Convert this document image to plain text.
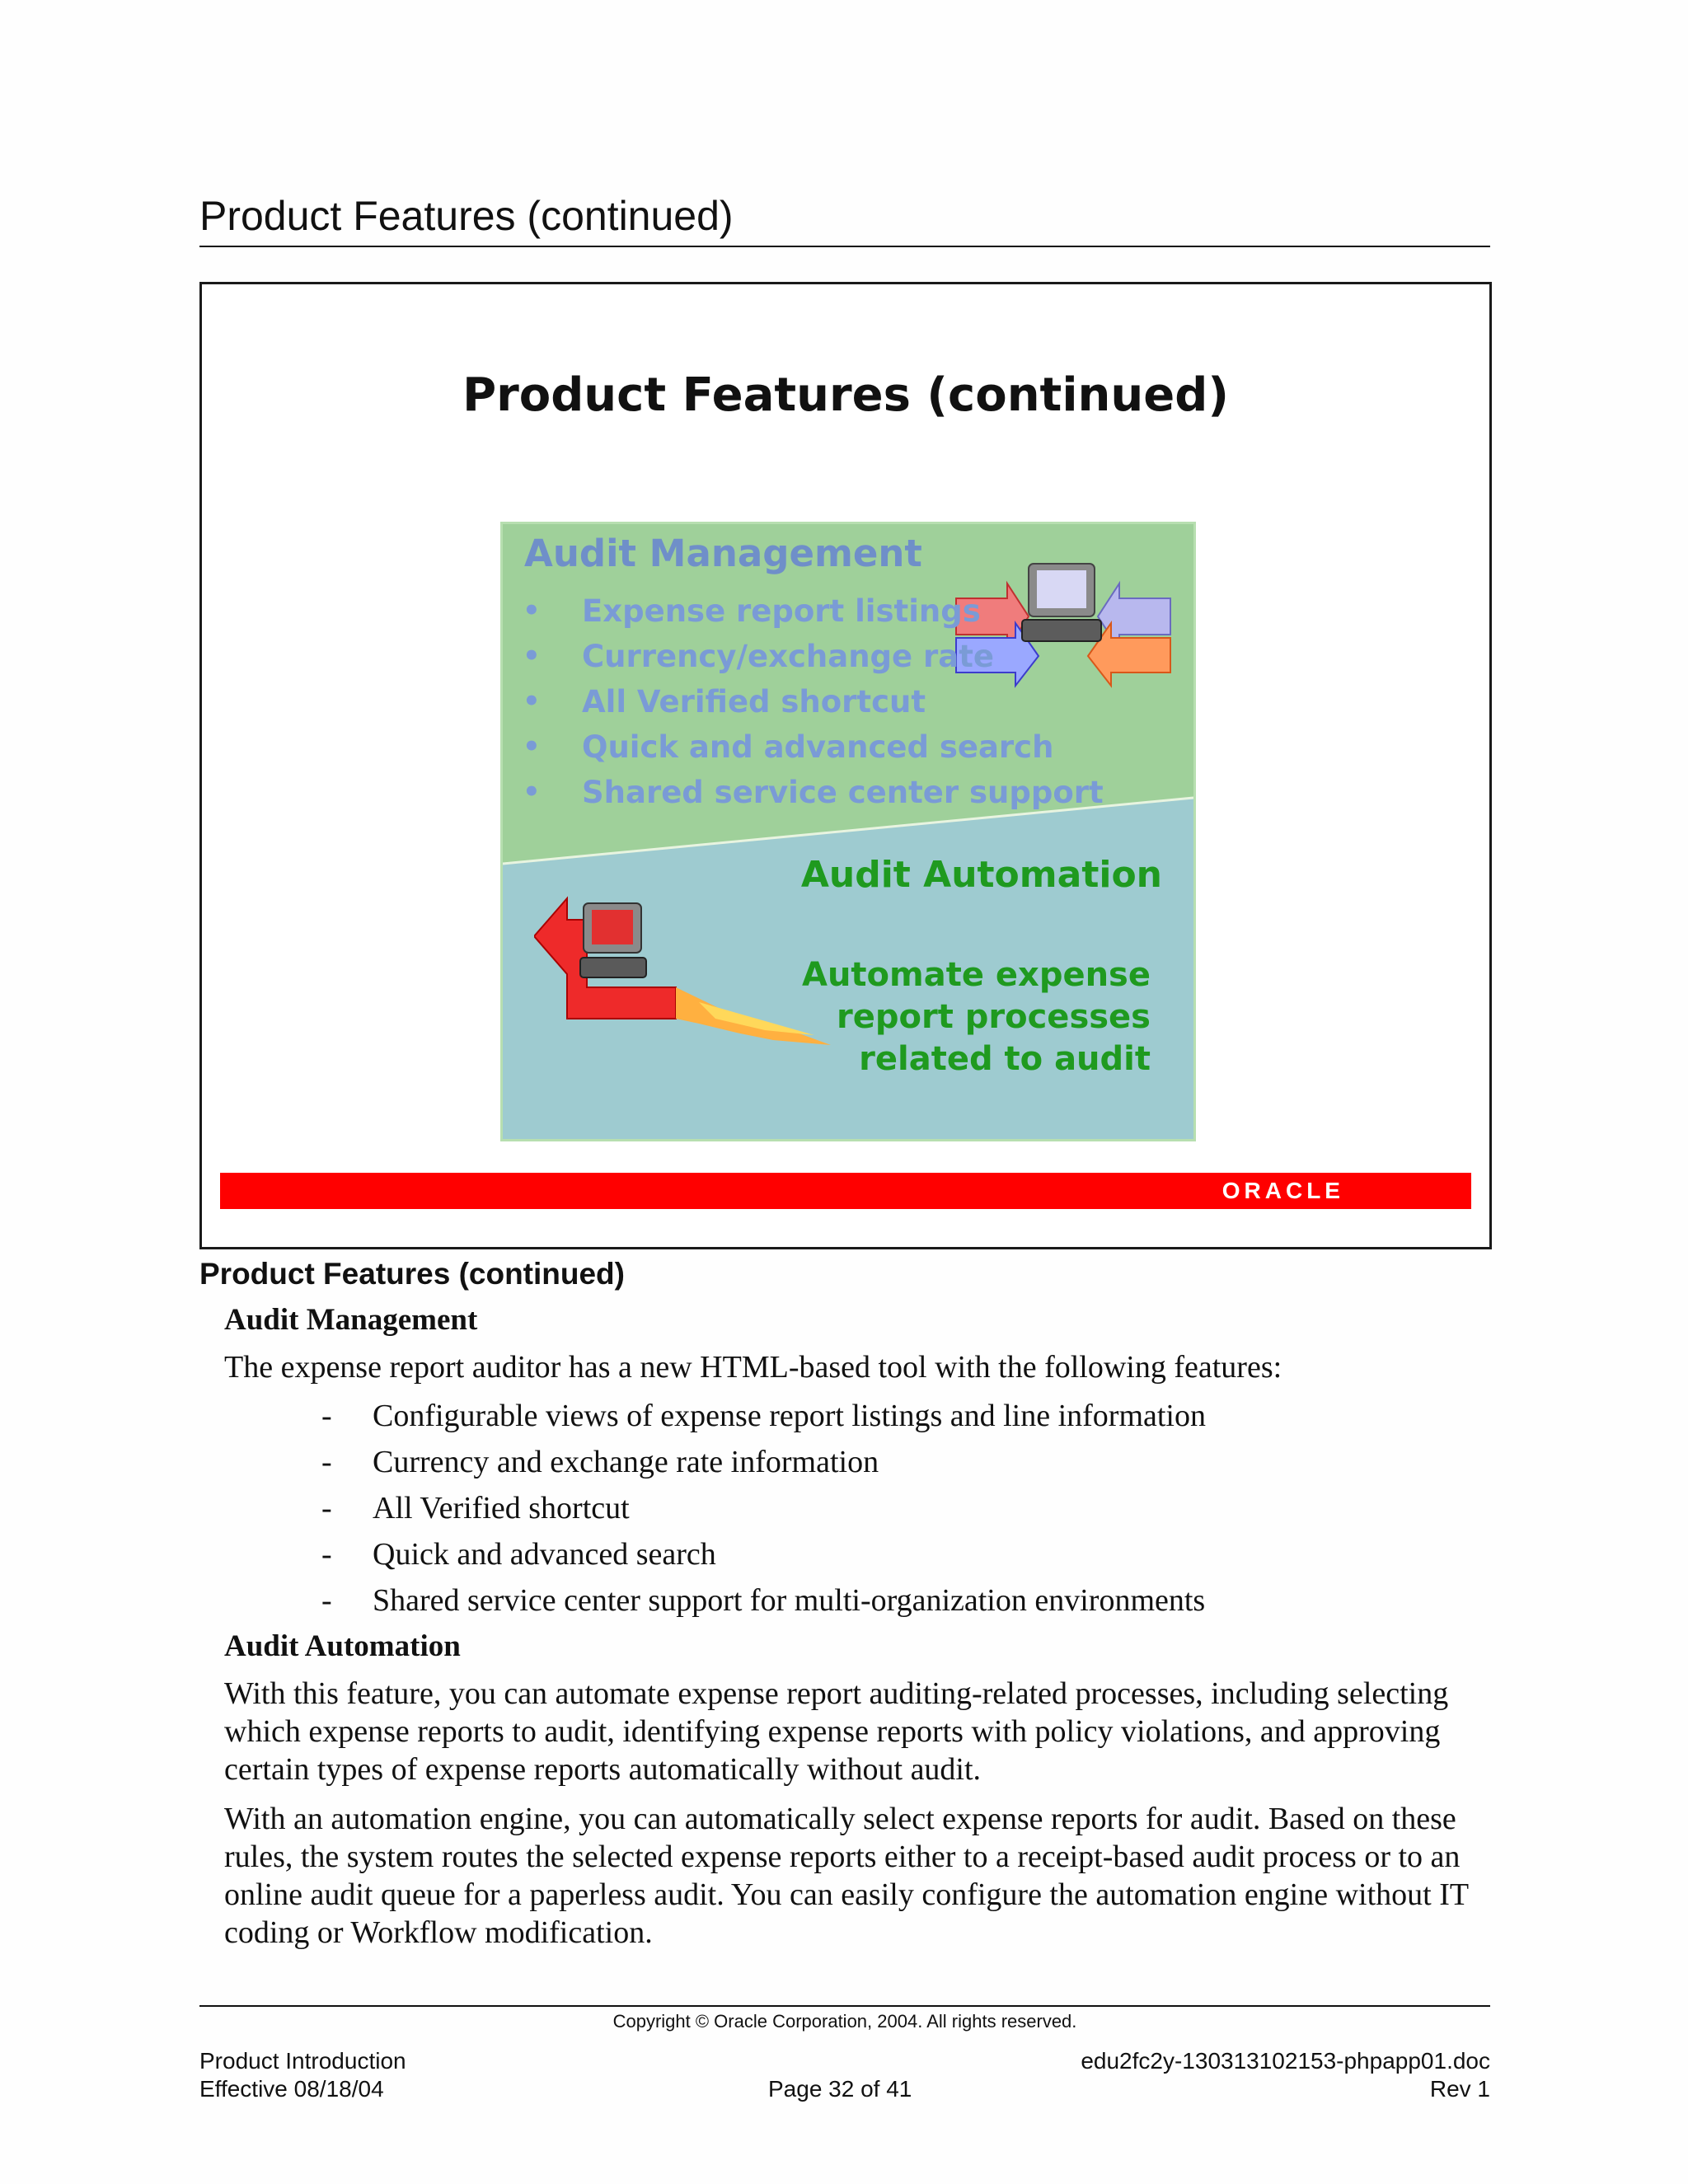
Product Features (continued)
Product Features (continued)
Audit Management
• Expense report listings
• Currency/exchange rate
• All Verified shortcut
• Quick and advanced search
• Shared service center support
Audit Automation
Automate expense
report processes
related to audit
ORACLE
Product Features (continued)
Audit Management

The expense report auditor has a new HTML-based tool with the following features:

- Configurable views of expense report listings and line information
- Currency and exchange rate information
- All Verified shortcut
- Quick and advanced search
- Shared service center support for multi-organization environments
Audit Automation

With this feature, you can automate expense report auditing-related processes, including selecting which expense reports to audit, identifying expense reports with policy violations, and approving certain types of expense reports automatically without audit.

With an automation engine, you can automatically select expense reports for audit. Based on these rules, the system routes the selected expense reports either to a receipt-based audit process or to an online audit queue for a paperless audit. You can easily configure the automation engine without IT coding or Workflow modification.

Copyright © Oracle Corporation, 2004. All rights reserved.
Product Introduction
Effective 08/18/04	Page 32 of 41
edu2fc2y-130313102153-phpapp01.doc
Rev 1
